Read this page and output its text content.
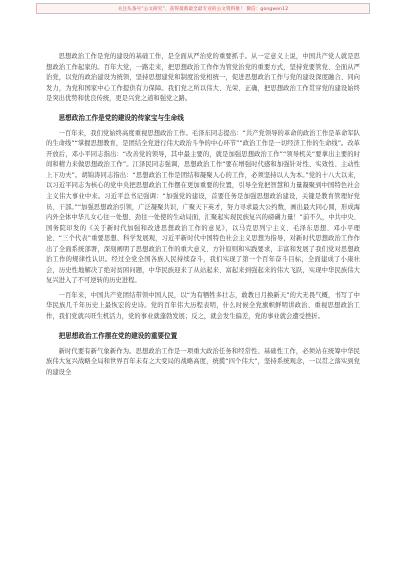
关注头条号“公文研究”，获得最新最全最专业的公文资料推！ 微信：gongwen12

思想政治工作是党的建设的基础工作，是全面从严治党的重要抓手。从一定意义上说，中国共产党人就是思想政治工作起家的。百年大党，一路走来，把思想政治工作作为管党治党的重要方式，坚持党要管党、全面从严治党，以党的政治建设为统领，坚持思想建党和制度治党相统一，促进思想政治工作与党的建设深度融合、同向发力，为党和国家中心工作提供有力保障。我们党之所以伟大、光荣、正确，把思想政治工作贯穿党的建设始终是突出优势和优良传统，更是兴党之道和强党之路。

思想政治工作是党的建设的传家宝与生命线

一百年来，我们党始终高度重视思想政治工作。毛泽东同志提出：“共产党领导的革命的政治工作是革命军队的生命线”“掌握思想教育，是团结全党进行伟大政治斗争的中心环节”“政治工作是一切经济工作的生命线”。改革开放后，邓小平同志指出：“改善党的领导，其中最主要的，就是加强思想政治工作”“领导机关“要拿出主要的时间和精力来做思想政治工作”。江泽民同志强调，思想政治工作“要在增强时代感和加强针对性、实效性、主动性上下功夫”。胡锦涛同志指出：“思想政治工作是团结和凝聚人心的工作，必须坚持以人为本。”党的十八大以来，以习近平同志为核心的党中央把思想政治工作摆在更加重要的位置，引导全党把智慧和力量凝聚到中国特色社会主义伟大事业中来。习近平总书记强调：“加强党的建设，首要任务是加强思想政治建设，关键是教育管理好党员、干部。”“加强思想政治引领，广泛凝聚共识，广聚天下英才，努力寻求最大公约数，画出最大同心圆，形成海内外全体中华儿女心往一处想、劲往一处使的生动局面，汇聚起实现民族复兴的磅礴力量！”前不久，中共中央、国务院印发的《关于新时代加强和改进思想政治工作的意见》，以马克思列宁主义、毛泽东思想、邓小平理论、“三个代表”重要思想、科学发展观，习近平新时代中国特色社会主义思想为指导，对新时代思想政治工作作出了全面系统部署，深刻阐明了思想政治工作的重大意义、方针原则和实践要求，丰富和发展了我们党对思想政治工作的规律性认识。经过全党全国各族人民持续奋斗，我们实现了第一个百年奋斗目标，全面建成了小康社会，历史性地解决了绝对贫困问题，中华民族迎来了从站起来、富起来到强起来的伟大飞跃，实现中华民族伟大复兴进入了不可逆转的历史进程。

一百年来，中国共产党团结带领中国人民，以“为有牺牲多壮志，敢教日月换新天”的大无畏气概，书写了中华民族几千年历史上最恢宏的史诗。党的百年伟大历程表明，什么时候全党旗帜鲜明讲政治、重视思想政治工作，我们党就兴旺生机活力，党的事业就蓬勃发展；反之，就会发生偏差，党的事业就会遭受挫折。

把思想政治工作摆在党的建设的重要位置

新时代要有新气象新作为。思想政治工作是一项重大政治任务和经常性、基础性工作，必须站在统筹中华民族伟大复兴战略全局和世界百年未有之大变局的战略高度，统揽“四个伟大”，坚持系统观念，一以贯之落实到党的建设全
